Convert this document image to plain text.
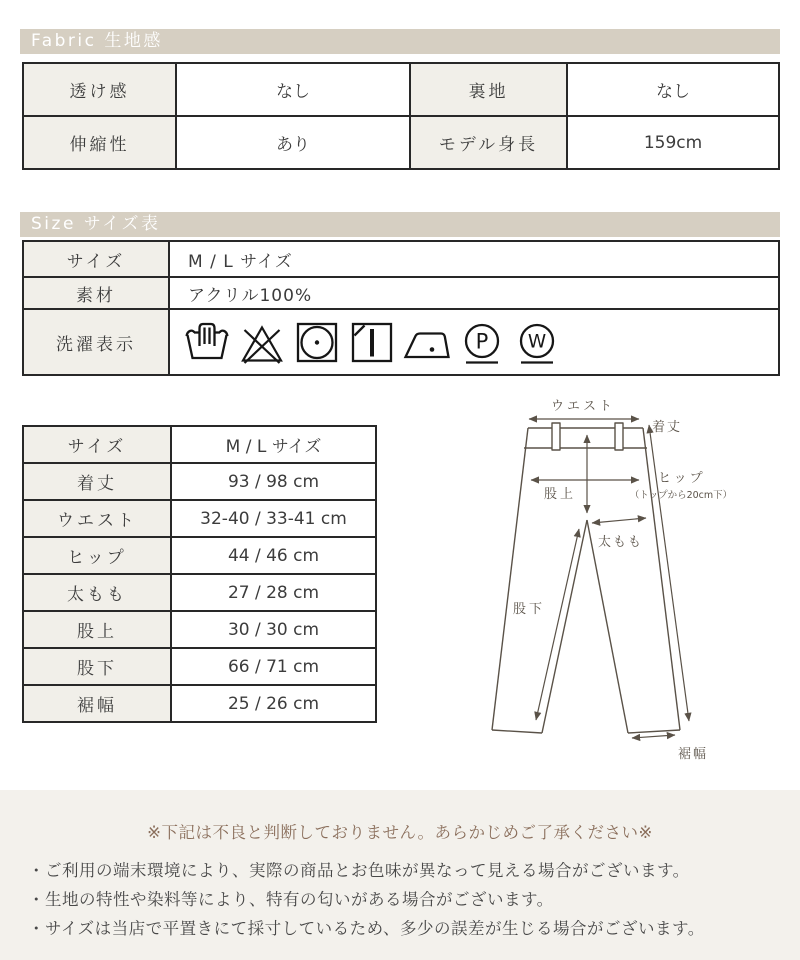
Fabric 生地感
透け感	なし	裏地	なし
伸縮性	あり	モデル身長	159cm
Size サイズ表
サイズ	M / L サイズ
素材	アクリル100%
洗濯表示	P W
サイズ	M / L サイズ
着丈	93 / 98 cm
ウエスト	32-40 / 33-41 cm
ヒップ	44 / 46 cm
太もも	27 / 28 cm
股上	30 / 30 cm
股下	66 / 71 cm
裾幅	25 / 26 cm
ウエスト
着丈
ヒップ
（トップから20cm下）
股上
太もも
股下
裾幅
※下記は不良と判断しておりません。あらかじめご了承ください※
・ご利用の端末環境により、実際の商品とお色味が異なって見える場合がございます。
・生地の特性や染料等により、特有の匂いがある場合がございます。
・サイズは当店で平置きにて採寸しているため、多少の誤差が生じる場合がございます。
